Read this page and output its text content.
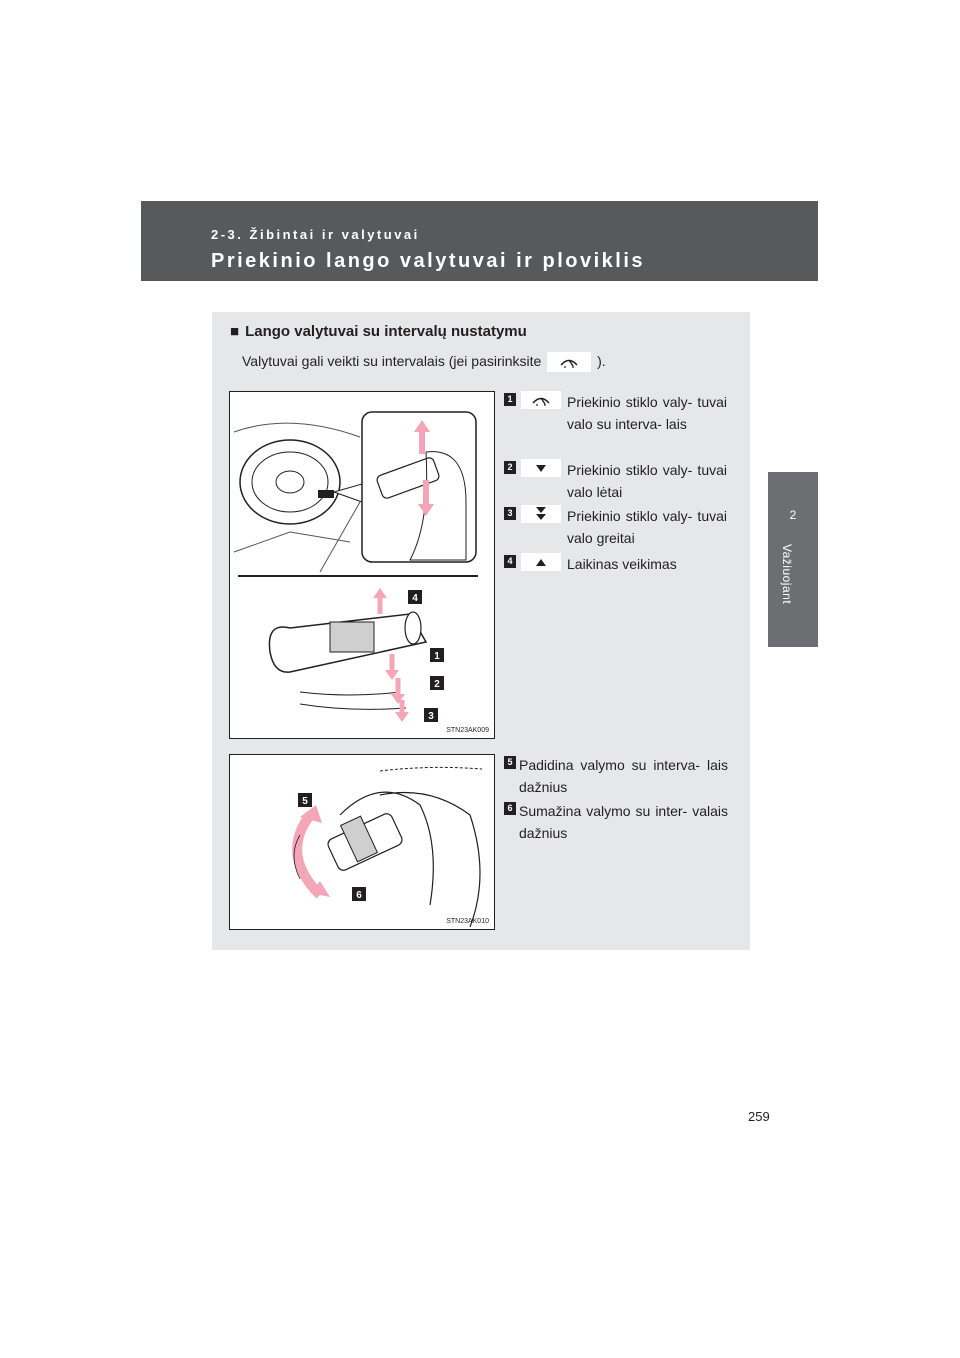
2-3. Žibintai ir valytuvai
Priekinio lango valytuvai ir ploviklis
2
Važiuojant
■ Lango valytuvai su intervalų nustatymu
Valytuvai gali veikti su intervalais (jei pasirinksite	).
4
1
2
3
STN23AK009
5
6
STN23AK010
1	Priekinio stiklo valy- tuvai valo su interva- lais
2	Priekinio stiklo valy- tuvai valo lėtai
3	Priekinio stiklo valy- tuvai valo greitai
4	Laikinas veikimas
5 Padidina valymo su interva- lais dažnius
6 Sumažina valymo su inter- valais dažnius
259
